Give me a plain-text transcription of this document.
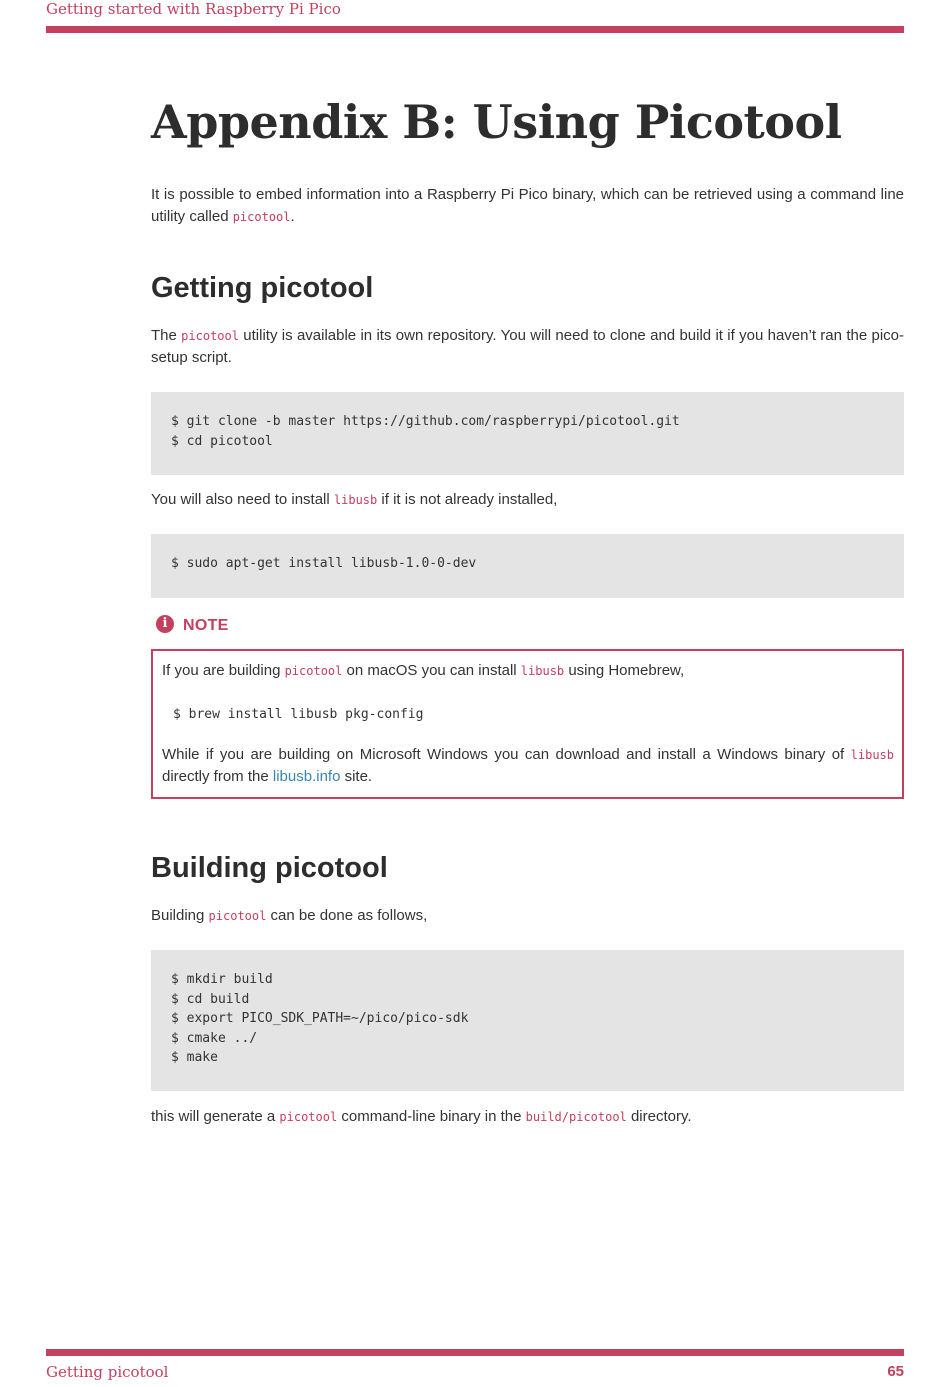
Getting started with Raspberry Pi Pico
Appendix B: Using Picotool

It is possible to embed information into a Raspberry Pi Pico binary, which can be retrieved using a command line utility called picotool.

Getting picotool

The picotool utility is available in its own repository. You will need to clone and build it if you haven’t ran the pico-setup script.

$ git clone -b master https://github.com/raspberrypi/picotool.git
$ cd picotool

You will also need to install libusb if it is not already installed,

$ sudo apt-get install libusb-1.0-0-dev
i NOTE

If you are building picotool on macOS you can install libusb using Homebrew,

$ brew install libusb pkg-config

While if you are building on Microsoft Windows you can download and install a Windows binary of libusb directly from the libusb.info site.

Building picotool

Building picotool can be done as follows,

$ mkdir build
$ cd build
$ export PICO_SDK_PATH=~/pico/pico-sdk
$ cmake ../
$ make

this will generate a picotool command-line binary in the build/picotool directory.

Getting picotool	65
